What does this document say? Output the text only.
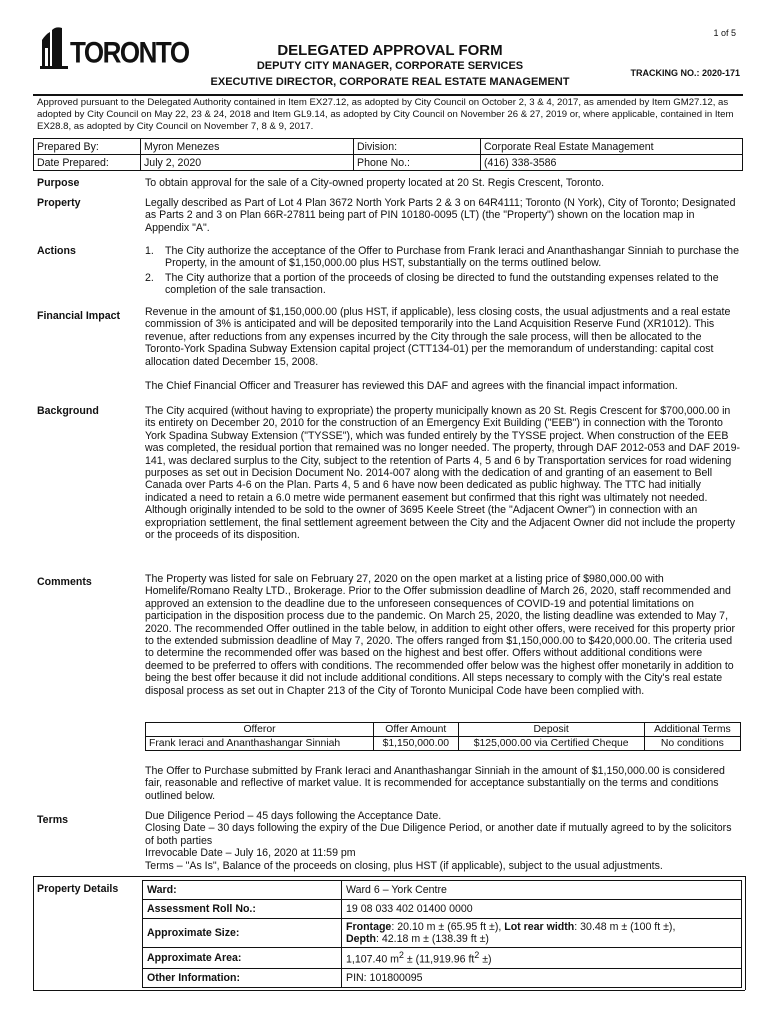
1 of 5
TORONTO	DELEGATED APPROVAL FORM
DEPUTY CITY MANAGER, CORPORATE SERVICES
EXECUTIVE DIRECTOR, CORPORATE REAL ESTATE MANAGEMENT
TRACKING NO.: 2020-171
Approved pursuant to the Delegated Authority contained in Item EX27.12, as adopted by City Council on October 2, 3 & 4, 2017, as amended by Item GM27.12, as adopted by City Council on May 22, 23 & 24, 2018 and Item GL9.14, as adopted by City Council on November 26 & 27, 2019 or, where applicable, contained in Item EX28.8, as adopted by City Council on November 7, 8 & 9, 2017.
Prepared By:	Myron Menezes	Division:	Corporate Real Estate Management
Date Prepared:	July 2, 2020	Phone No.:	(416) 338-3586
Purpose	To obtain approval for the sale of a City-owned property located at 20 St. Regis Crescent, Toronto.
Property	Legally described as Part of Lot 4 Plan 3672 North York Parts 2 & 3 on 64R4111; Toronto (N York), City of Toronto; Designated as Parts 2 and 3 on Plan 66R-27811 being part of PIN 10180-0095 (LT) (the "Property") shown on the location map in Appendix "A".
Actions	1. The City authorize the acceptance of the Offer to Purchase from Frank Ieraci and Ananthashangar Sinniah to purchase the Property, in the amount of $1,150,000.00 plus HST, substantially on the terms outlined below.
2. The City authorize that a portion of the proceeds of closing be directed to fund the outstanding expenses related to the completion of the sale transaction.
Financial Impact Revenue in the amount of $1,150,000.00 (plus HST, if applicable), less closing costs, the usual adjustments and a real estate commission of 3% is anticipated and will be deposited temporarily into the Land Acquisition Reserve Fund (XR1012). This revenue, after reductions from any expenses incurred by the City through the sale process, will then be allocated to the Toronto-York Spadina Subway Extension capital project (CTT134-01) per the memorandum of understanding: capital cost allocation dated December 15, 2008.

The Chief Financial Officer and Treasurer has reviewed this DAF and agrees with the financial impact information.

Background	The City acquired (without having to expropriate) the property municipally known as 20 St. Regis Crescent for $700,000.00 in its entirety on December 20, 2010 for the construction of an Emergency Exit Building ("EEB") in connection with the Toronto York Spadina Subway Extension ("TYSSE"), which was funded entirely by the TYSSE project. When construction of the EEB was completed, the residual portion that remained was no longer needed. The property, through DAF 2012-053 and DAF 2019-141, was declared surplus to the City, subject to the retention of Parts 4, 5 and 6 by Transportation services for road widening purposes as set out in Decision Document No. 2014-007 along with the dedication of and granting of an easement to Bell Canada over Parts 4-6 on the Plan. Parts 4, 5 and 6 have now been dedicated as public highway. The TTC had initially indicated a need to retain a 6.0 metre wide permanent easement but confirmed that this right was ultimately not needed. Although originally intended to be sold to the owner of 3695 Keele Street (the "Adjacent Owner") in connection with an expropriation settlement, the final settlement agreement between the City and the Adjacent Owner did not include the property or the proceeds of its disposition.
Comments	The Property was listed for sale on February 27, 2020 on the open market at a listing price of $980,000.00 with Homelife/Romano Realty LTD., Brokerage. Prior to the Offer submission deadline of March 26, 2020, staff recommended and approved an extension to the deadline due to the unforeseen consequences of COVID-19 and potential limitations on participation in the disposition process due to the pandemic. On March 25, 2020, the listing deadline was extended to May 7, 2020. The recommended Offer outlined in the table below, in addition to eight other offers, were received for this property prior to the extended submission deadline of May 7, 2020. The offers ranged from $1,150,000.00 to $420,000.00. The criteria used to determine the recommended offer was based on the highest and best offer. Offers without additional conditions were deemed to be preferred to offers with conditions. The recommended offer below was the highest offer monetarily in addition to being the best offer because it did not include additional conditions. All steps necessary to comply with the City's real estate disposal process as set out in Chapter 213 of the City of Toronto Municipal Code have been complied with.
Offeror	Offer Amount	Deposit	Additional Terms
Frank Ieraci and Ananthashangar Sinniah	$1,150,000.00	$125,000.00 via Certified Cheque	No conditions
The Offer to Purchase submitted by Frank Ieraci and Ananthashangar Sinniah in the amount of $1,150,000.00 is considered fair, reasonable and reflective of market value. It is recommended for acceptance substantially on the terms and conditions outlined below.
Terms	Due Diligence Period – 45 days following the Acceptance Date.

Closing Date – 30 days following the expiry of the Due Diligence Period, or another date if mutually agreed to by the solicitors of both parties

Irrevocable Date – July 16, 2020 at 11:59 pm

Terms – "As Is", Balance of the proceeds on closing, plus HST (if applicable), subject to the usual adjustments.

Property Details	Ward:	Ward 6 – York Centre
Assessment Roll No.:	19 08 033 402 01400 0000
Approximate Size:	Frontage: 20.10 m ± (65.95 ft ±), Lot rear width: 30.48 m ± (100 ft ±),
Depth: 42.18 m ± (138.39 ft ±)
Approximate Area:	1,107.40 $m^2 \pm (11,919.96$ $ft^2$ ±)
Other Information:	PIN: 101800095
